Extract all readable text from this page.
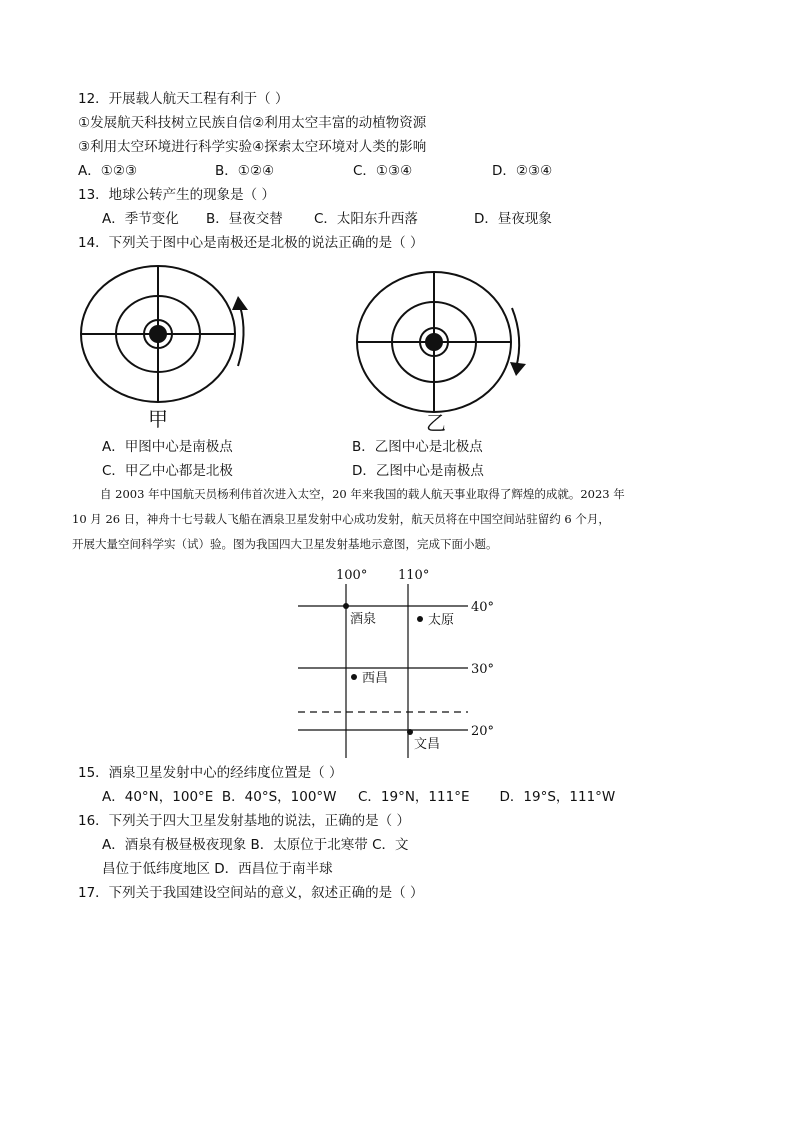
12．开展载人航天工程有利于（ ）
①发展航天科技树立民族自信②利用太空丰富的动植物资源
③利用太空环境进行科学实验④探索太空环境对人类的影响
A．①②③	B．①②④	C．①③④	D．②③④
13．地球公转产生的现象是（ ）
A．季节变化 B．昼夜交替 C．太阳东升西落	D．昼夜现象
14．下列关于图中心是南极还是北极的说法正确的是（ ）
甲	乙
A．甲图中心是南极点	B．乙图中心是北极点
C．甲乙中心都是北极	D．乙图中心是南极点
自 2003 年中国航天员杨利伟首次进入太空，20 年来我国的载人航天事业取得了辉煌的成就。2023 年
10 月 26 日，神舟十七号载人飞船在酒泉卫星发射中心成功发射，航天员将在中国空间站驻留约 6 个月，
开展大量空间科学实（试）验。图为我国四大卫星发射基地示意图，完成下面小题。
100° 110°
40°
30°
20°
酒泉	太原
西昌
文昌
15．酒泉卫星发射中心的经纬度位置是（ ）
A．40°N，100°E  B．40°S，100°W     C．19°N，111°E       D．19°S，111°W
16．下列关于四大卫星发射基地的说法，正确的是（ ）
A．酒泉有极昼极夜现象 B．太原位于北寒带 C．文
昌位于低纬度地区 D．西昌位于南半球
17．下列关于我国建设空间站的意义，叙述正确的是（ ）
